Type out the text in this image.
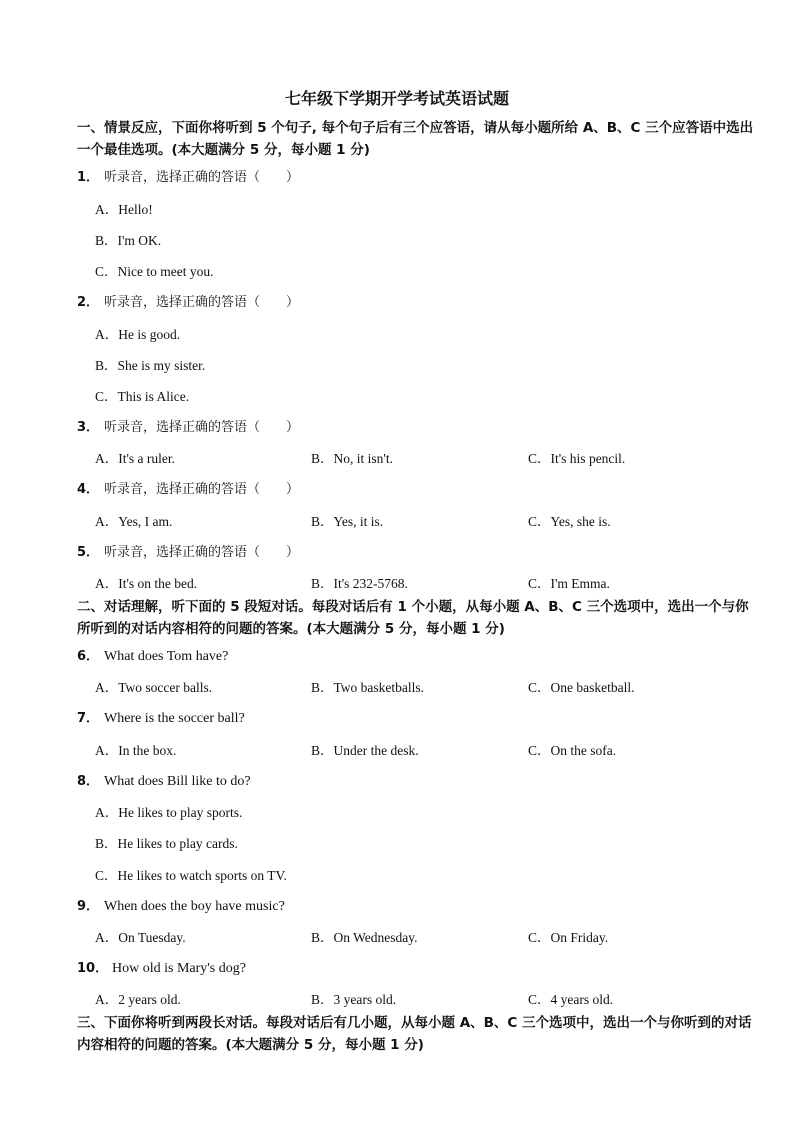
七年级下学期开学考试英语试题
一、情景反应，下面你将听到 5 个句子, 每个句子后有三个应答语，请从每小题所给 A、B、C 三个应答语中选出一个最佳选项。(本大题满分 5 分，每小题 1 分)
1． 听录音，选择正确的答语（　　）
A．Hello!
B．I'm OK.
C．Nice to meet you.
2． 听录音，选择正确的答语（　　）
A．He is good.
B．She is my sister.
C．This is Alice.
3． 听录音，选择正确的答语（　　）
A．It's a ruler.	B．No, it isn't.	C．It's his pencil.
4． 听录音，选择正确的答语（　　）
A．Yes, I am.	B．Yes, it is.	C．Yes, she is.
5． 听录音，选择正确的答语（　　）
A．It's on the bed.	B．It's 232-5768.	C．I'm Emma.
二、对话理解，听下面的 5 段短对话。每段对话后有 1 个小题，从每小题 A、B、C 三个选项中，选出一个与你所听到的对话内容相符的问题的答案。(本大题满分 5 分，每小题 1 分)
6． What does Tom have?
A．Two soccer balls.	B．Two basketballs.	C．One basketball.
7． Where is the soccer ball?
A．In the box.	B．Under the desk.	C．On the sofa.
8． What does Bill like to do?
A．He likes to play sports.
B．He likes to play cards.
C．He likes to watch sports on TV.
9． When does the boy have music?
A．On Tuesday.	B．On Wednesday.	C．On Friday.
10． How old is Mary's dog?
A．2 years old.	B．3 years old.	C．4 years old.
三、下面你将听到两段长对话。每段对话后有几小题，从每小题 A、B、C 三个选项中，选出一个与你听到的对话内容相符的问题的答案。(本大题满分 5 分，每小题 1 分)
